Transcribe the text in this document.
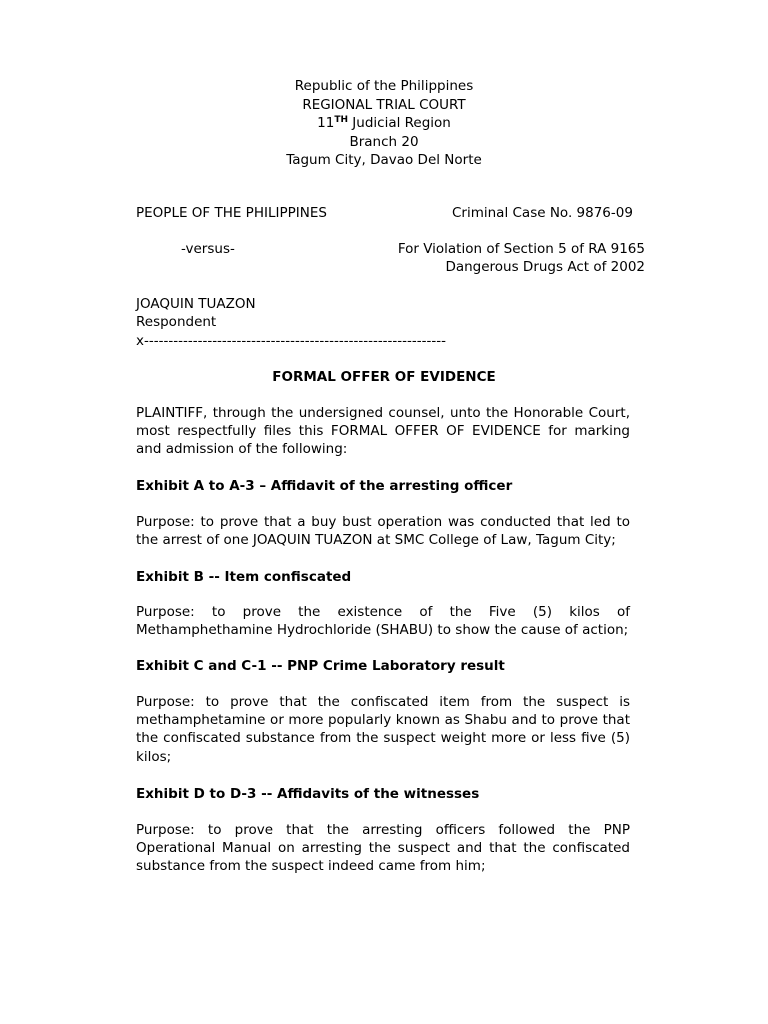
Republic of the Philippines
REGIONAL TRIAL COURT
11TH Judicial Region
Branch 20
Tagum City, Davao Del Norte
PEOPLE OF THE PHILIPPINES	Criminal Case No. 9876-09
-versus-	For Violation of Section 5 of RA 9165
Dangerous Drugs Act of 2002
JOAQUIN TUAZON
Respondent
x--------------------------------------------------------------
FORMAL OFFER OF EVIDENCE
PLAINTIFF, through the undersigned counsel, unto the Honorable Court, most respectfully files this FORMAL OFFER OF EVIDENCE for marking and admission of the following:
Exhibit A to A-3 – Affidavit of the arresting officer
Purpose: to prove that a buy bust operation was conducted that led to the arrest of one JOAQUIN TUAZON at SMC College of Law, Tagum City;
Exhibit B -- Item confiscated
Purpose: to prove the existence of the Five (5) kilos of Methamphethamine Hydrochloride (SHABU) to show the cause of action;
Exhibit C and C-1 -- PNP Crime Laboratory result
Purpose: to prove that the confiscated item from the suspect is methamphetamine or more popularly known as Shabu and to prove that the confiscated substance from the suspect weight more or less five (5) kilos;
Exhibit D to D-3 -- Affidavits of the witnesses
Purpose: to prove that the arresting officers followed the PNP Operational Manual on arresting the suspect and that the confiscated substance from the suspect indeed came from him;
